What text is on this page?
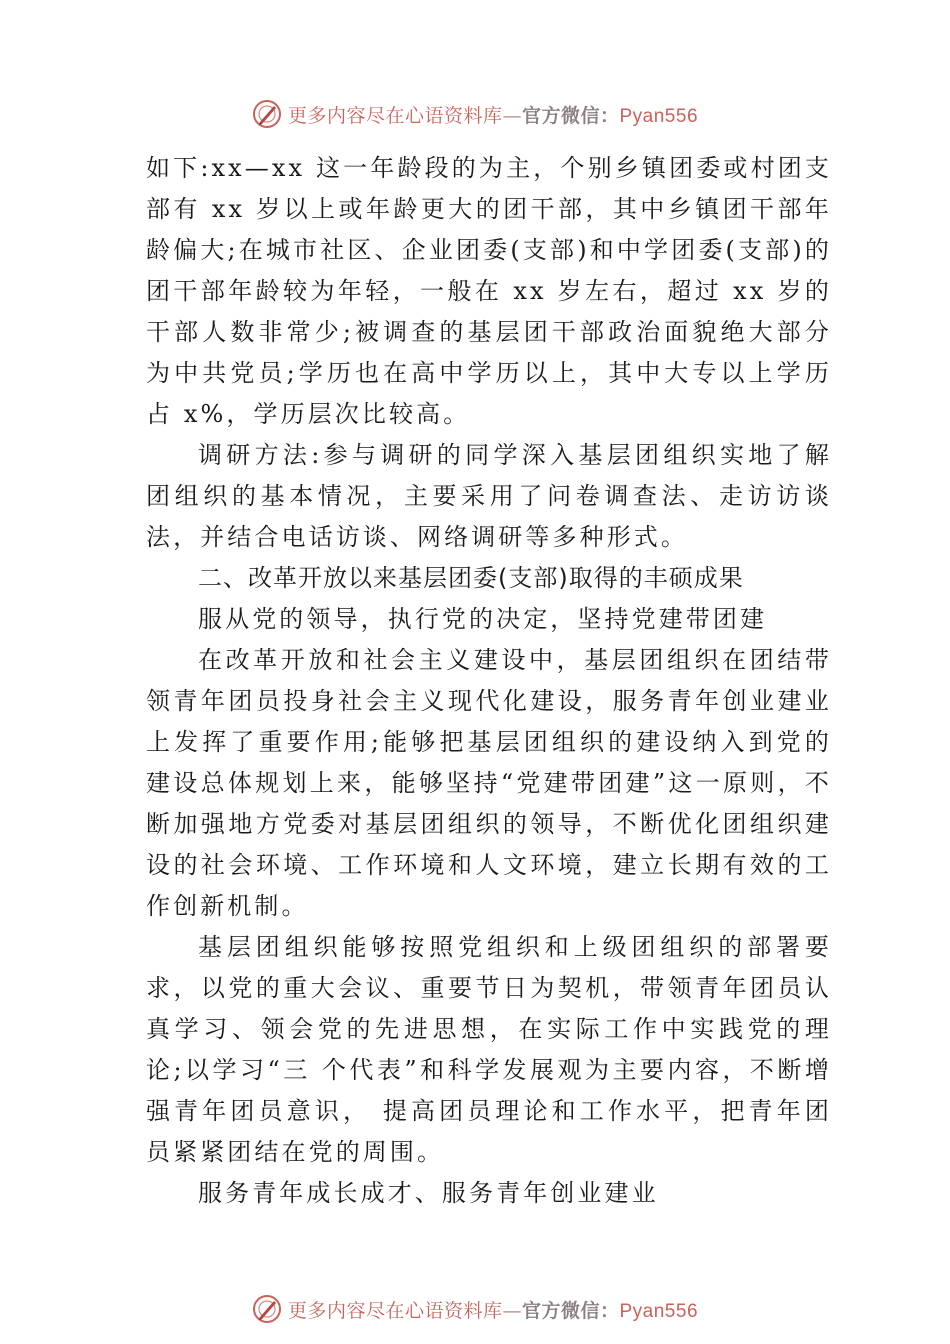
更多内容尽在心语资料库—官方微信：Pyan556

如下:xx—xx 这一年龄段的为主，个别乡镇团委或村团支部有 xx 岁以上或年龄更大的团干部，其中乡镇团干部年龄偏大;在城市社区、企业团委(支部)和中学团委(支部)的团干部年龄较为年轻，一般在 xx 岁左右，超过 xx 岁的干部人数非常少;被调查的基层团干部政治面貌绝大部分为中共党员;学历也在高中学历以上，其中大专以上学历占 x%，学历层次比较高。

调研方法:参与调研的同学深入基层团组织实地了解团组织的基本情况，主要采用了问卷调查法、走访访谈法，并结合电话访谈、网络调研等多种形式。

二、改革开放以来基层团委(支部)取得的丰硕成果

服从党的领导，执行党的决定，坚持党建带团建

在改革开放和社会主义建设中，基层团组织在团结带领青年团员投身社会主义现代化建设，服务青年创业建业上发挥了重要作用;能够把基层团组织的建设纳入到党的建设总体规划上来，能够坚持“党建带团建”这一原则，不断加强地方党委对基层团组织的领导，不断优化团组织建设的社会环境、工作环境和人文环境，建立长期有效的工作创新机制。

基层团组织能够按照党组织和上级团组织的部署要求，以党的重大会议、重要节日为契机，带领青年团员认真学习、领会党的先进思想，在实际工作中实践党的理论;以学习“三 个代表”和科学发展观为主要内容，不断增强青年团员意识， 提高团员理论和工作水平，把青年团员紧紧团结在党的周围。

服务青年成长成才、服务青年创业建业

更多内容尽在心语资料库—官方微信：Pyan556
